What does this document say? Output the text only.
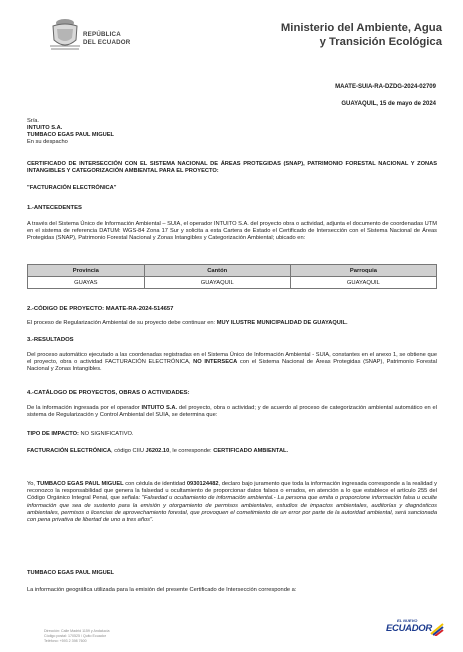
REPÚBLICA
DEL ECUADOR
Ministerio del Ambiente, Agua
y Transición Ecológica
MAATE-SUIA-RA-DZDG-2024-02709
GUAYAQUIL, 15 de mayo de 2024
Sr/a.
INTUITO S.A.
TUMBACO EGAS PAUL MIGUEL
En su despacho
CERTIFICADO DE INTERSECCIÓN CON EL SISTEMA NACIONAL DE ÁREAS PROTEGIDAS (SNAP), PATRIMONIO FORESTAL NACIONAL Y ZONAS INTANGIBLES Y CATEGORIZACIÓN AMBIENTAL PARA EL PROYECTO:
"FACTURACIÓN ELECTRÓNICA"
1.-ANTECEDENTES
A través del Sistema Único de Información Ambiental – SUIA, el operador INTUITO S.A. del proyecto obra o actividad, adjunta el documento de coordenadas UTM en el sistema de referencia DATUM: WGS-84 Zona 17 Sur y solicita a esta Cartera de Estado el Certificado de Intersección con el Sistema Nacional de Áreas Protegidas (SNAP), Patrimonio Forestal Nacional y Zonas Intangibles y Categorización Ambiental; ubicado en:
Provincia	Cantón	Parroquia
GUAYAS	GUAYAQUIL	GUAYAQUIL
2.-CÓDIGO DE PROYECTO: MAATE-RA-2024-514657
El proceso de Regularización Ambiental de su proyecto debe continuar en: MUY ILUSTRE MUNICIPALIDAD DE GUAYAQUIL.
3.-RESULTADOS
Del proceso automático ejecutado a las coordenadas registradas en el Sistema Único de Información Ambiental - SUIA, constantes en el anexo 1, se obtiene que el proyecto, obra o actividad FACTURACIÓN ELECTRÓNICA, NO INTERSECA con el Sistema Nacional de Áreas Protegidas (SNAP), Patrimonio Forestal Nacional y Zonas Intangibles.
4.-CATÁLOGO DE PROYECTOS, OBRAS O ACTIVIDADES:
De la información ingresada por el operador INTUITO S.A. del proyecto, obra o actividad; y de acuerdo al proceso de categorización ambiental automático en el sistema de Regularización y Control Ambiental del SUIA, se determina que:
TIPO DE IMPACTO: NO SIGNIFICATIVO.
FACTURACIÓN ELECTRÓNICA, código CIIU J6202.10, le corresponde: CERTIFICADO AMBIENTAL.
Yo, TUMBACO EGAS PAUL MIGUEL con cédula de identidad 0930124482, declaro bajo juramento que toda la información ingresada corresponde a la realidad y reconozco la responsabilidad que genera la falsedad u ocultamiento de proporcionar datos falsos o errados, en atención a lo que establece el artículo 255 del Código Orgánico Integral Penal, que señala: "Falsedad u ocultamiento de información ambiental.- La persona que emita o proporcione información falsa u oculte información que sea de sustento para la emisión y otorgamiento de permisos ambientales, estudios de impactos ambientales, auditorías y diagnósticos ambientales, permisos o licencias de aprovechamiento forestal, que provoquen el cometimiento de un error por parte de la autoridad ambiental, será sancionada con pena privativa de libertad de uno a tres años".
TUMBACO EGAS PAUL MIGUEL
La información geográfica utilizada para la emisión del presente Certificado de Intersección corresponde a:
Dirección: Calle Madrid 1159 y Andalucía
Código postal: 170525 / Quito Ecuador
Teléfono: +593 2 398 7600
EL NUEVO
ECUADOR
